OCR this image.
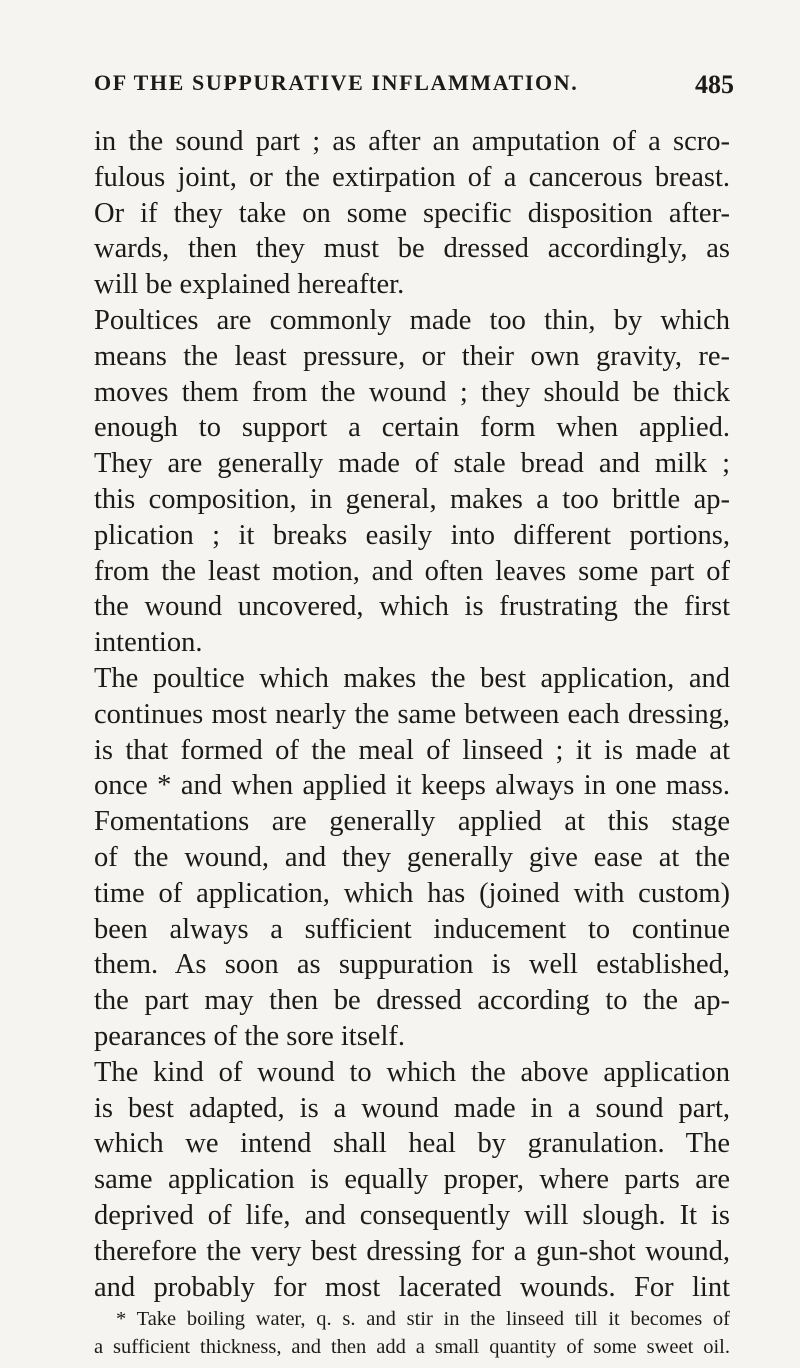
OF THE SUPPURATIVE INFLAMMATION.	485
in the sound part ; as after an amputation of a scro-
fulous joint, or the extirpation of a cancerous breast.
Or if they take on some specific disposition after-
wards, then they must be dressed accordingly, as
will be explained hereafter.
Poultices are commonly made too thin, by which
means the least pressure, or their own gravity, re-
moves them from the wound ; they should be thick
enough to support a certain form when applied.
They are generally made of stale bread and milk ;
this composition, in general, makes a too brittle ap-
plication ; it breaks easily into different portions,
from the least motion, and often leaves some part of
the wound uncovered, which is frustrating the first
intention.
The poultice which makes the best application, and
continues most nearly the same between each dressing,
is that formed of the meal of linseed ; it is made at
once * and when applied it keeps always in one mass.
Fomentations are generally applied at this stage
of the wound, and they generally give ease at the
time of application, which has (joined with custom)
been always a sufficient inducement to continue
them. As soon as suppuration is well established,
the part may then be dressed according to the ap-
pearances of the sore itself.
The kind of wound to which the above application
is best adapted, is a wound made in a sound part,
which we intend shall heal by granulation. The
same application is equally proper, where parts are
deprived of life, and consequently will slough. It is
therefore the very best dressing for a gun-shot wound,
and probably for most lacerated wounds. For lint
* Take boiling water, q. s. and stir in the linseed till it becomes of
a sufficient thickness, and then add a small quantity of some sweet oil.
